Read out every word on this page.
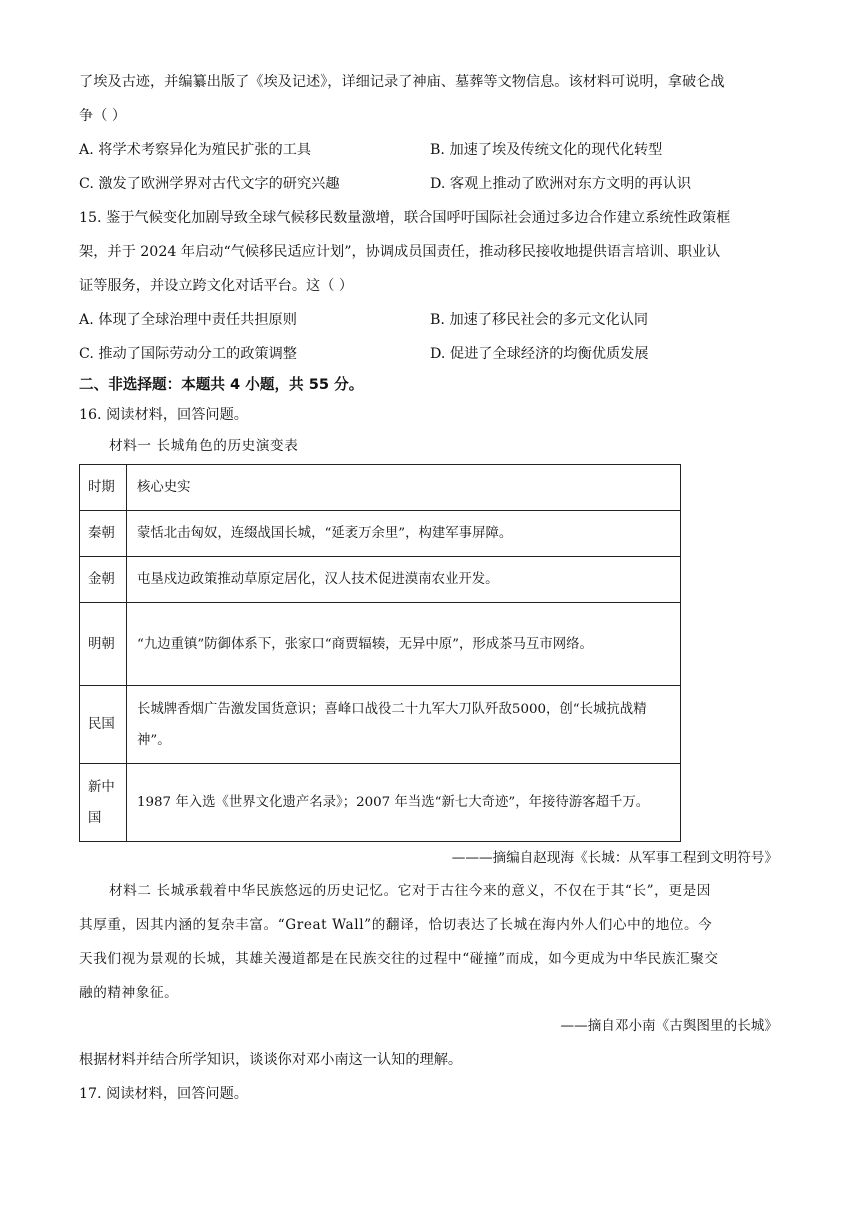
了埃及古迹，并编纂出版了《埃及记述》，详细记录了神庙、墓葬等文物信息。该材料可说明，拿破仑战
争（ ）
A. 将学术考察异化为殖民扩张的工具	B. 加速了埃及传统文化的现代化转型
C. 激发了欧洲学界对古代文字的研究兴趣	D. 客观上推动了欧洲对东方文明的再认识
15. 鉴于气候变化加剧导致全球气候移民数量激增，联合国呼吁国际社会通过多边合作建立系统性政策框
架，并于 2024 年启动“气候移民适应计划”，协调成员国责任，推动移民接收地提供语言培训、职业认
证等服务，并设立跨文化对话平台。这（ ）
A. 体现了全球治理中责任共担原则	B. 加速了移民社会的多元文化认同
C. 推动了国际劳动分工的政策调整	D. 促进了全球经济的均衡优质发展
二、非选择题：本题共 4 小题，共 55 分。
16. 阅读材料，回答问题。
材料一 长城角色的历史演变表
时期	核心史实
秦朝	蒙恬北击匈奴，连缀战国长城，“延袤万余里”，构建军事屏障。
金朝	屯垦戍边政策推动草原定居化，汉人技术促进漠南农业开发。
明朝	“九边重镇”防御体系下，张家口“商贾辐辏，无异中原”，形成茶马互市网络。
民国	长城牌香烟广告激发国货意识；喜峰口战役二十九军大刀队歼敌5000，创“长城抗战精神”。
新中国	1987 年入选《世界文化遗产名录》；2007 年当选“新七大奇迹”，年接待游客超千万。
———摘编自赵现海《长城：从军事工程到文明符号》
材料二 长城承载着中华民族悠远的历史记忆。它对于古往今来的意义，不仅在于其“长”，更是因
其厚重，因其内涵的复杂丰富。“Great Wall”的翻译，恰切表达了长城在海内外人们心中的地位。今
天我们视为景观的长城，其雄关漫道都是在民族交往的过程中“碰撞”而成，如今更成为中华民族汇聚交
融的精神象征。
——摘自邓小南《古舆图里的长城》
根据材料并结合所学知识，谈谈你对邓小南这一认知的理解。
17. 阅读材料，回答问题。
